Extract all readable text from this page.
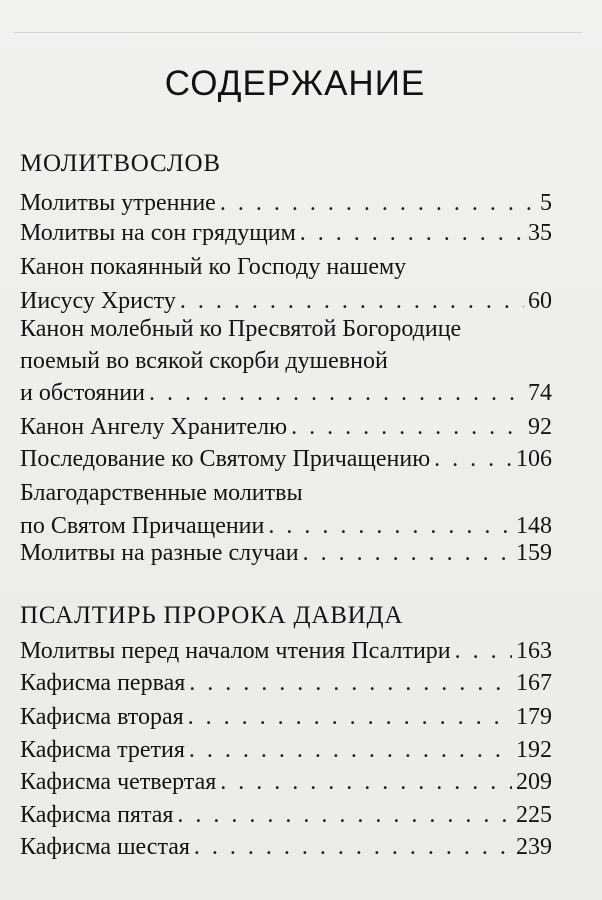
СОДЕРЖАНИЕ
МОЛИТВОСЛОВ
Молитвы утренние . . .	5
Молитвы на сон грядущим . . .	35
Канон покаянный ко Господу нашему
Иисусу Христу . . .	60
Канон молебный ко Пресвятой Богородице
поемый во всякой скорби душевной
и обстоянии . . .	74
Канон Ангелу Хранителю . . .	92
Последование ко Святому Причащению . . .	106
Благодарственные молитвы
по Святом Причащении . . .	148
Молитвы на разные случаи . . .	159
ПСАЛТИРЬ ПРОРОКА ДАВИДА
Молитвы перед началом чтения Псалтири . . .	163
Кафисма первая . . .	167
Кафисма вторая . . .	179
Кафисма третия . . .	192
Кафисма четвертая . . .	209
Кафисма пятая . . .	225
Кафисма шестая . . .	239
